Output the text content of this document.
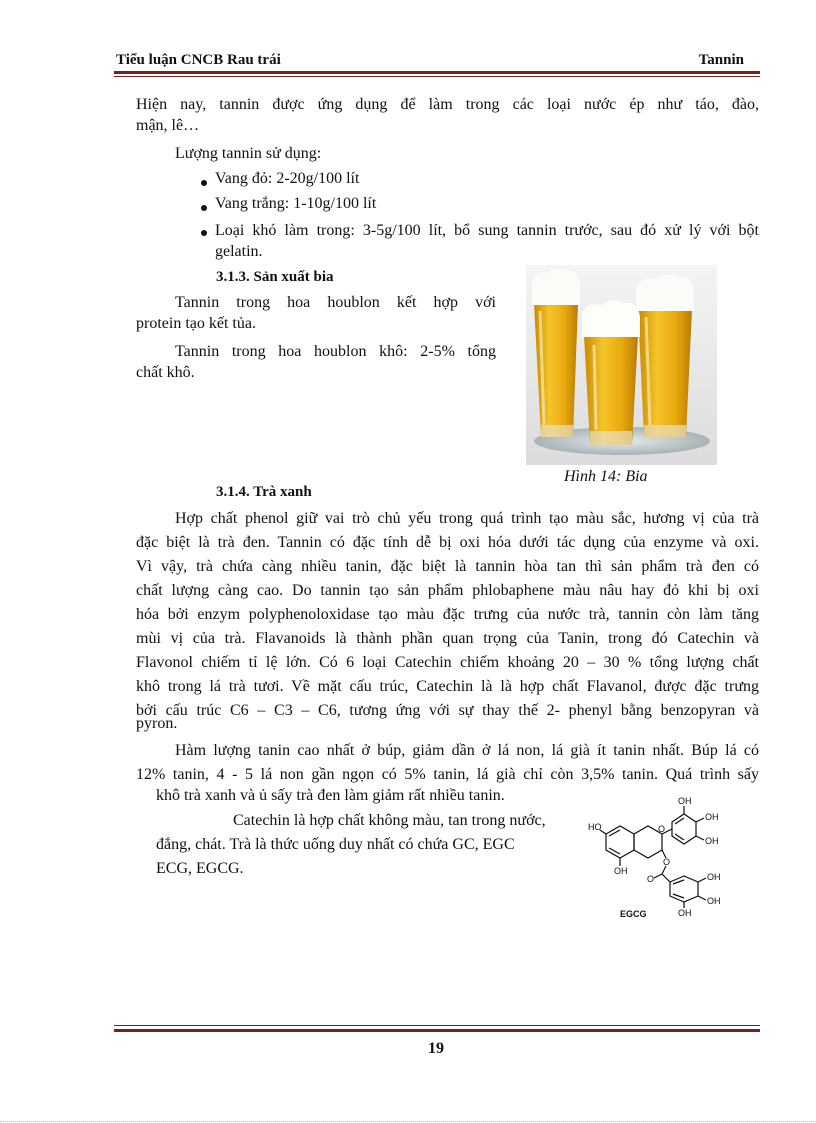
Tiểu luận CNCB Rau trái	Tannin
Hiện nay, tannin được ứng dụng để làm trong các loại nước ép như táo, đào,
mận, lê…
Lượng tannin sử dụng:
Vang đỏ: 2-20g/100 lít
Vang trắng: 1-10g/100 lít
Loại khó làm trong: 3-5g/100 lít, bổ sung tannin trước, sau đó xử lý với bột
gelatin.
3.1.3. Sản xuất bia
Tannin trong hoa houblon kết hợp với
protein tạo kết tủa.
Tannin trong hoa houblon khô: 2-5% tổng
chất khô.
Hình 14: Bia
3.1.4. Trà xanh
Hợp chất phenol giữ vai trò chủ yếu trong quá trình tạo màu sắc, hương vị của trà
đặc biệt là trà đen. Tannin có đặc tính dễ bị oxi hóa dưới tác dụng của enzyme và oxi.
Vì vậy, trà chứa càng nhiều tanin, đặc biệt là tannin hòa tan thì sản phẩm trà đen có
chất lượng càng cao. Do tannin tạo sản phẩm phlobaphene màu nâu hay đỏ khi bị oxi
hóa bởi enzym polyphenoloxidase tạo màu đặc trưng của nước trà, tannin còn làm tăng
mùi vị của trà. Flavanoids là thành phần quan trọng của Tanin, trong đó Catechin và
Flavonol chiếm tỉ lệ lớn. Có 6 loại Catechin chiếm khoảng 20 – 30 % tổng lượng chất
khô trong lá trà tươi. Về mặt cấu trúc, Catechin là là hợp chất Flavanol, được đặc trưng
bởi cấu trúc C6 – C3 – C6, tương ứng với sự thay thế 2- phenyl bằng benzopyran và
pyron.
Hàm lượng tanin cao nhất ở búp, giảm dần ở lá non, lá già ít tanin nhất. Búp lá có
12% tanin, 4 - 5 lá non gần ngọn có 5% tanin, lá già chỉ còn 3,5% tanin. Quá trình sấy
khô trà xanh và ủ sấy trà đen làm giảm rất nhiều tanin.
Catechin là hợp chất không màu, tan trong nước,
đắng, chát. Trà là thức uống duy nhất có chứa GC, EGC
ECG, EGCG.
OH
OH
OH
HO
OH
OH
OH
OH
O
O
O
EGCG
19
